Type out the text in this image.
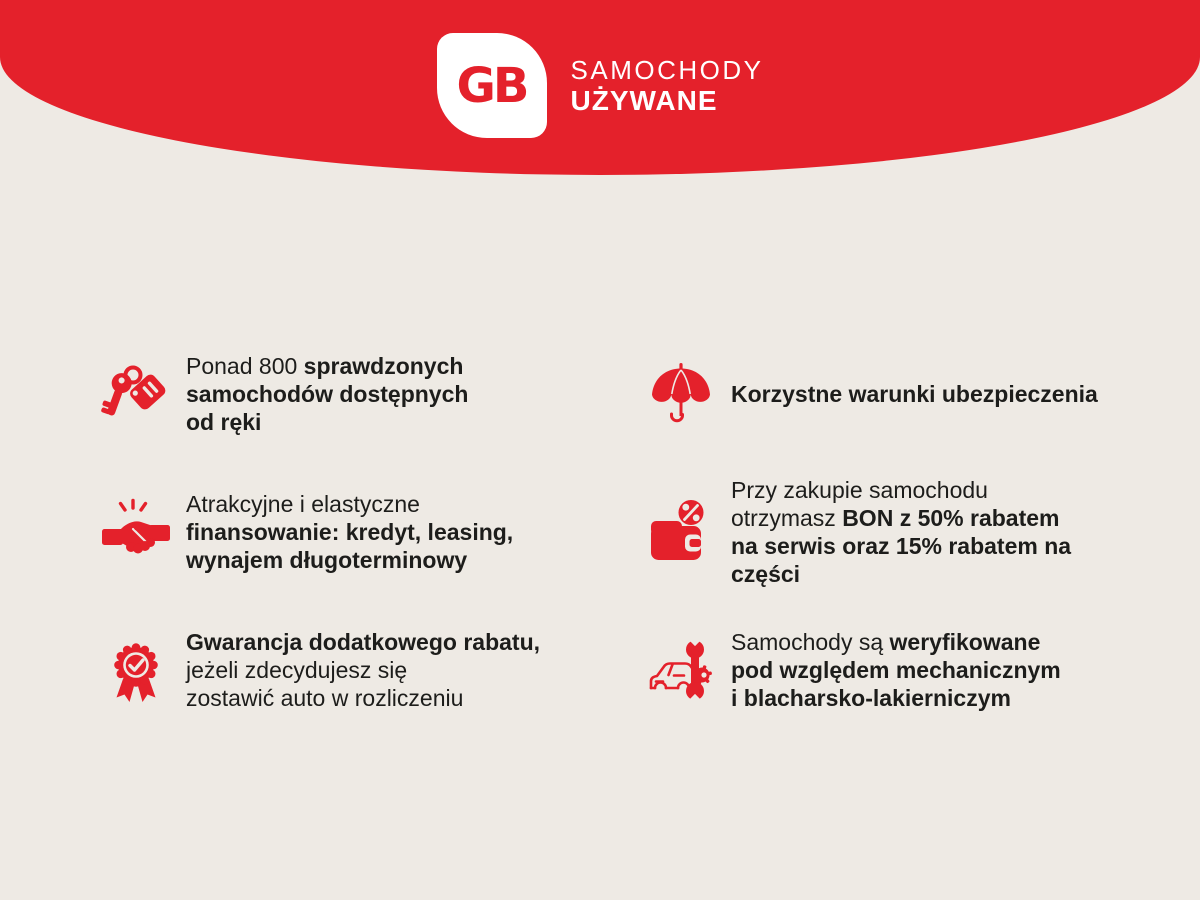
GB SAMOCHODY
UŻYWANE
Ponad 800 sprawdzonych
samochodów dostępnych
od ręki
Atrakcyjne i elastyczne
finansowanie: kredyt, leasing,
wynajem długoterminowy
Gwarancja dodatkowego rabatu,
jeżeli zdecydujesz się
zostawić auto w rozliczeniu
Korzystne warunki ubezpieczenia
Przy zakupie samochodu
otrzymasz BON z 50% rabatem
na serwis oraz 15% rabatem na
części
Samochody są weryfikowane
pod względem mechanicznym
i blacharsko-lakierniczym
